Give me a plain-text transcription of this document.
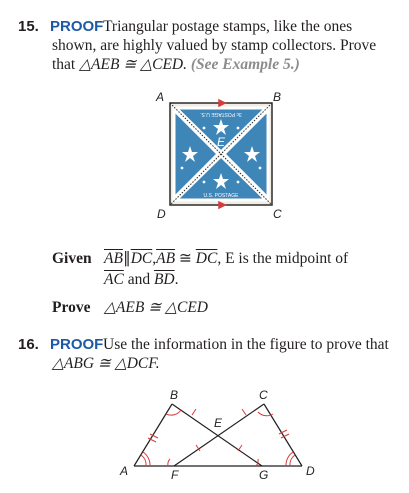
15. PROOF Triangular postage stamps, like the ones
shown, are highly valued by stamp collectors. Prove
that △AEB ≅ △CED. (See Example 5.)
3c POSTAGE U.S.
U.S. POSTAGE
A	B
C
D
E
Given $\overline{AB}\parallel\overline{DC},\overline{AB}$ ≅ $\overline{DC}$, E is the midpoint of
$\overline{AC}$ and $\overline{BD}$.
Prove △AEB ≅ △CED
16. PROOF Use the information in the figure to prove that
△ABG ≅ △DCF.
A
B	C
D
E
F	G
